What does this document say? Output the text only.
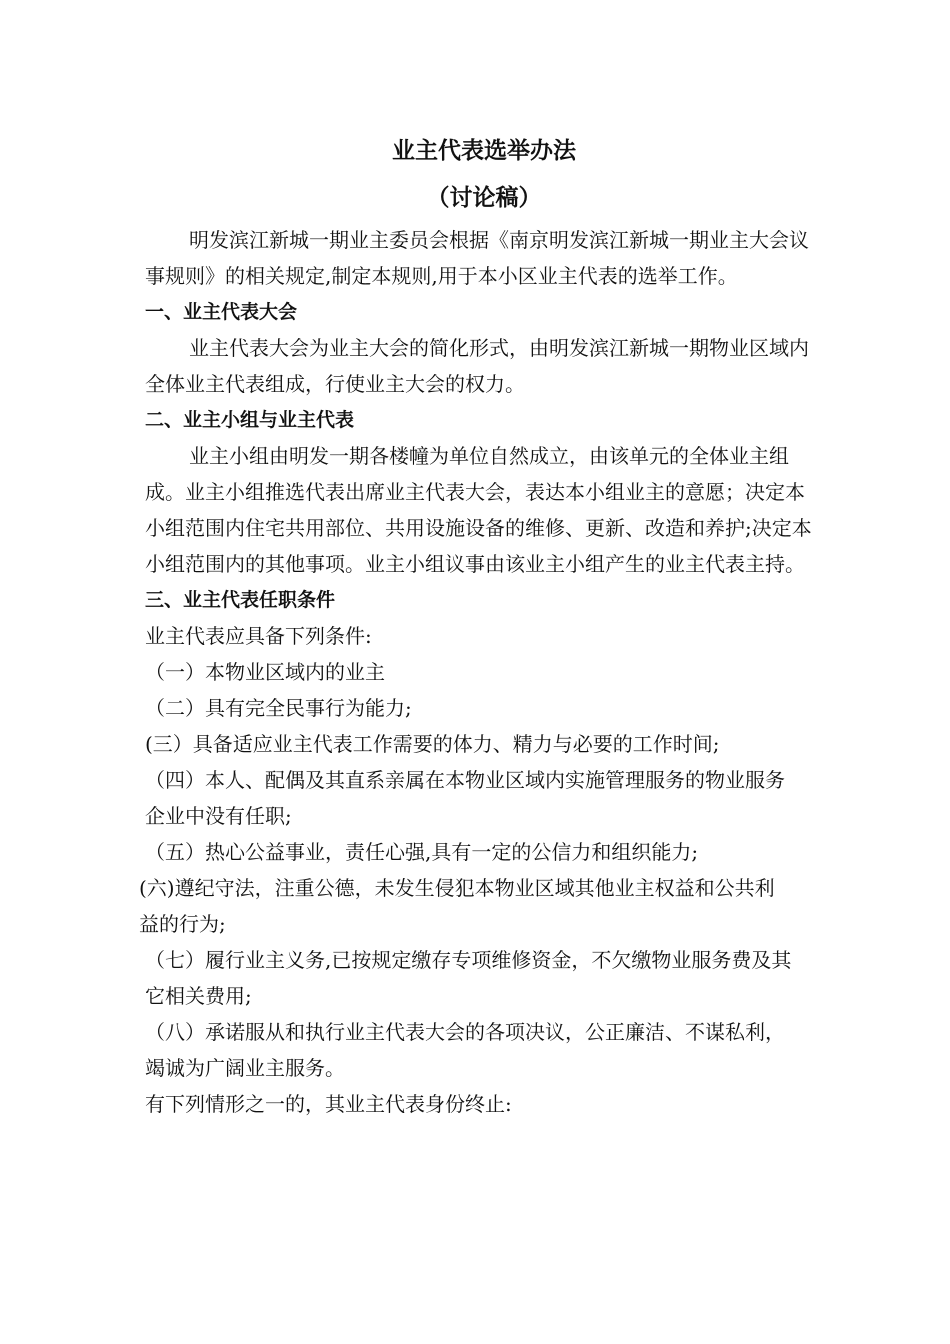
业主代表选举办法
（讨论稿）

明发滨江新城一期业主委员会根据《南京明发滨江新城一期业主大会议事规则》的相关规定,制定本规则,用于本小区业主代表的选举工作。

一、业主代表大会

业主代表大会为业主大会的简化形式，由明发滨江新城一期物业区域内全体业主代表组成，行使业主大会的权力。

二、业主小组与业主代表

业主小组由明发一期各楼幢为单位自然成立，由该单元的全体业主组成。业主小组推选代表出席业主代表大会，表达本小组业主的意愿；决定本小组范围内住宅共用部位、共用设施设备的维修、更新、改造和养护;决定本小组范围内的其他事项。业主小组议事由该业主小组产生的业主代表主持。

三、业主代表任职条件

业主代表应具备下列条件:

（一）本物业区域内的业主

（二）具有完全民事行为能力;

(三）具备适应业主代表工作需要的体力、精力与必要的工作时间;

（四）本人、配偶及其直系亲属在本物业区域内实施管理服务的物业服务企业中没有任职;

（五）热心公益事业，责任心强,具有一定的公信力和组织能力;

(六)遵纪守法，注重公德，未发生侵犯本物业区域其他业主权益和公共利益的行为;

（七）履行业主义务,已按规定缴存专项维修资金，不欠缴物业服务费及其它相关费用;

（八）承诺服从和执行业主代表大会的各项决议，公正廉洁、不谋私利，竭诚为广阔业主服务。

有下列情形之一的，其业主代表身份终止:
